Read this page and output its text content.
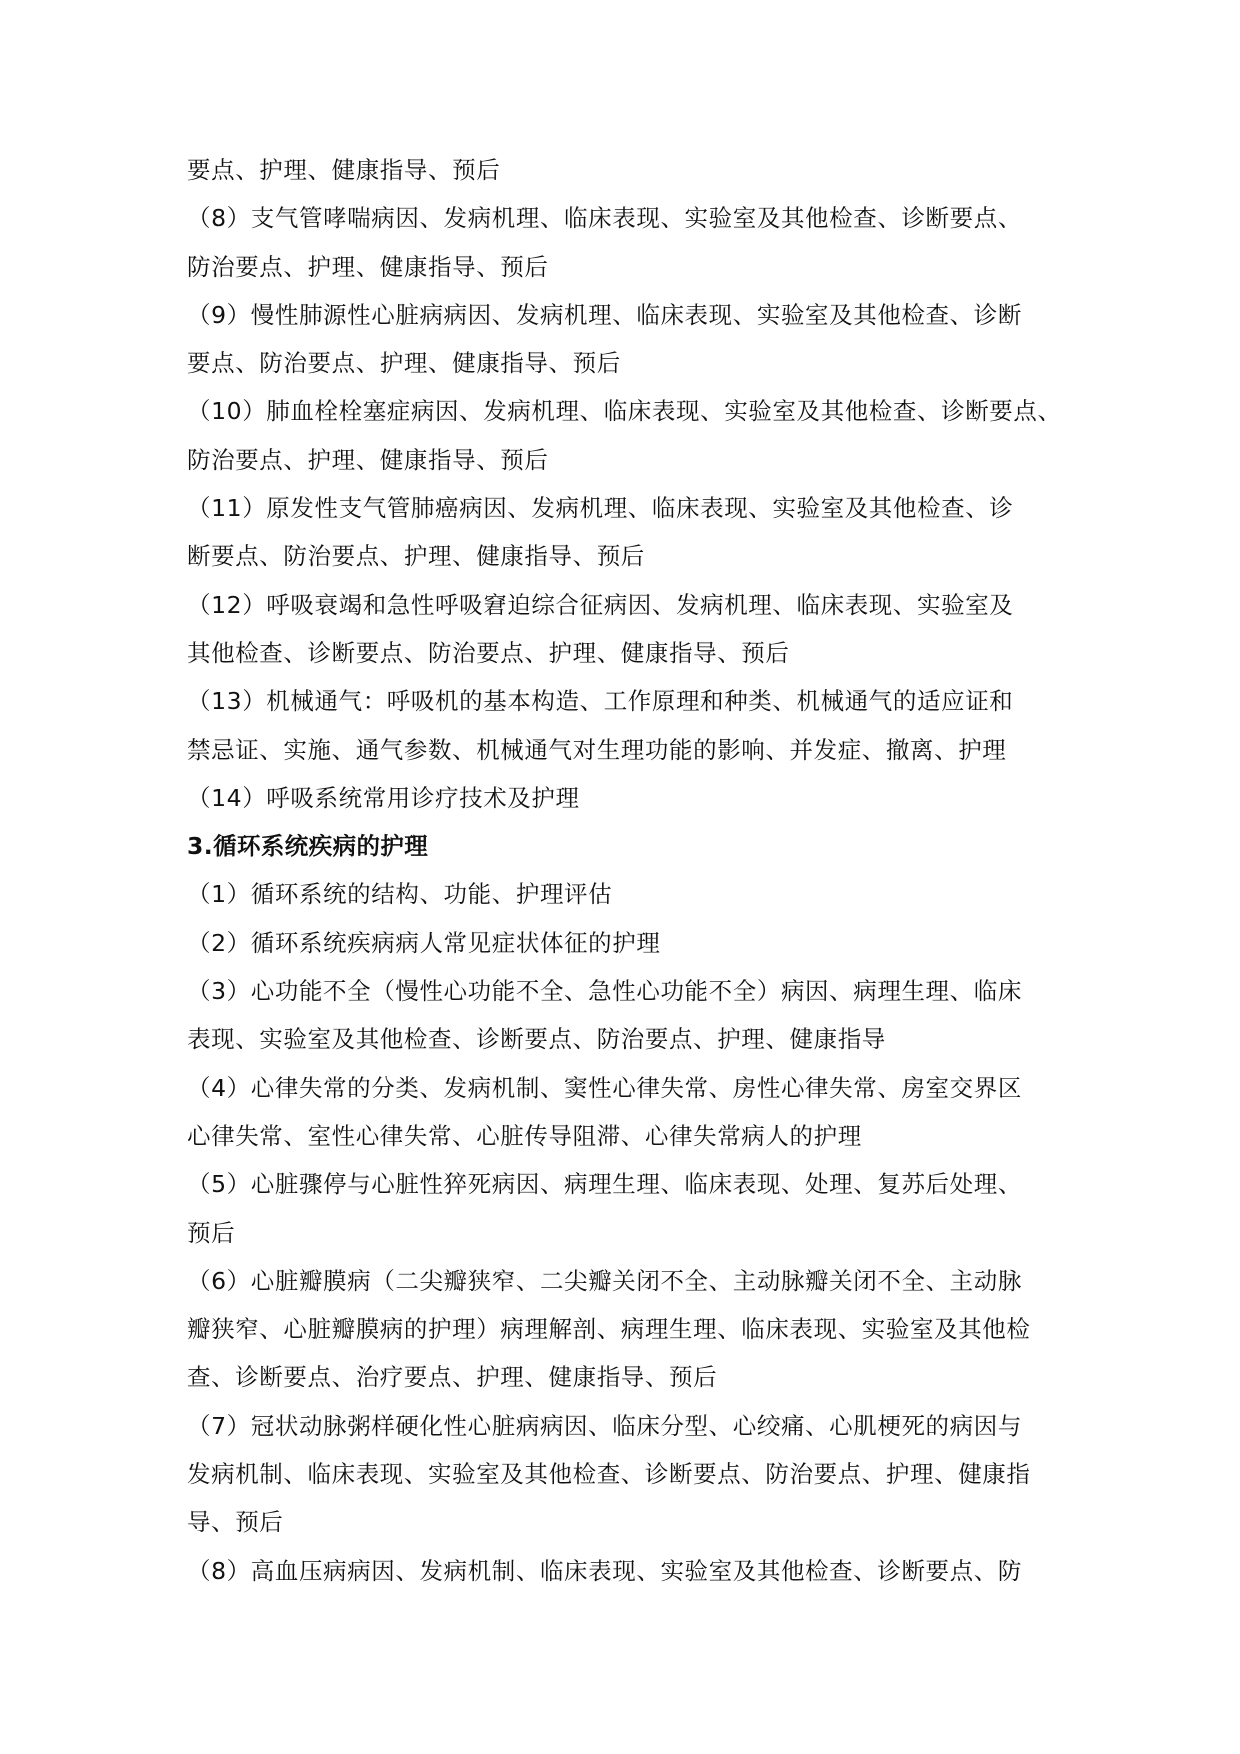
要点、护理、健康指导、预后
（8）支气管哮喘病因、发病机理、临床表现、实验室及其他检查、诊断要点、
防治要点、护理、健康指导、预后
（9）慢性肺源性心脏病病因、发病机理、临床表现、实验室及其他检查、诊断
要点、防治要点、护理、健康指导、预后
（10）肺血栓栓塞症病因、发病机理、临床表现、实验室及其他检查、诊断要点、
防治要点、护理、健康指导、预后
（11）原发性支气管肺癌病因、发病机理、临床表现、实验室及其他检查、诊
断要点、防治要点、护理、健康指导、预后
（12）呼吸衰竭和急性呼吸窘迫综合征病因、发病机理、临床表现、实验室及
其他检查、诊断要点、防治要点、护理、健康指导、预后
（13）机械通气：呼吸机的基本构造、工作原理和种类、机械通气的适应证和
禁忌证、实施、通气参数、机械通气对生理功能的影响、并发症、撤离、护理
（14）呼吸系统常用诊疗技术及护理
3.循环系统疾病的护理
（1）循环系统的结构、功能、护理评估
（2）循环系统疾病病人常见症状体征的护理
（3）心功能不全（慢性心功能不全、急性心功能不全）病因、病理生理、临床
表现、实验室及其他检查、诊断要点、防治要点、护理、健康指导
（4）心律失常的分类、发病机制、窦性心律失常、房性心律失常、房室交界区
心律失常、室性心律失常、心脏传导阻滞、心律失常病人的护理
（5）心脏骤停与心脏性猝死病因、病理生理、临床表现、处理、复苏后处理、
预后
（6）心脏瓣膜病（二尖瓣狭窄、二尖瓣关闭不全、主动脉瓣关闭不全、主动脉
瓣狭窄、心脏瓣膜病的护理）病理解剖、病理生理、临床表现、实验室及其他检
查、诊断要点、治疗要点、护理、健康指导、预后
（7）冠状动脉粥样硬化性心脏病病因、临床分型、心绞痛、心肌梗死的病因与
发病机制、临床表现、实验室及其他检查、诊断要点、防治要点、护理、健康指
导、预后
（8）高血压病病因、发病机制、临床表现、实验室及其他检查、诊断要点、防
